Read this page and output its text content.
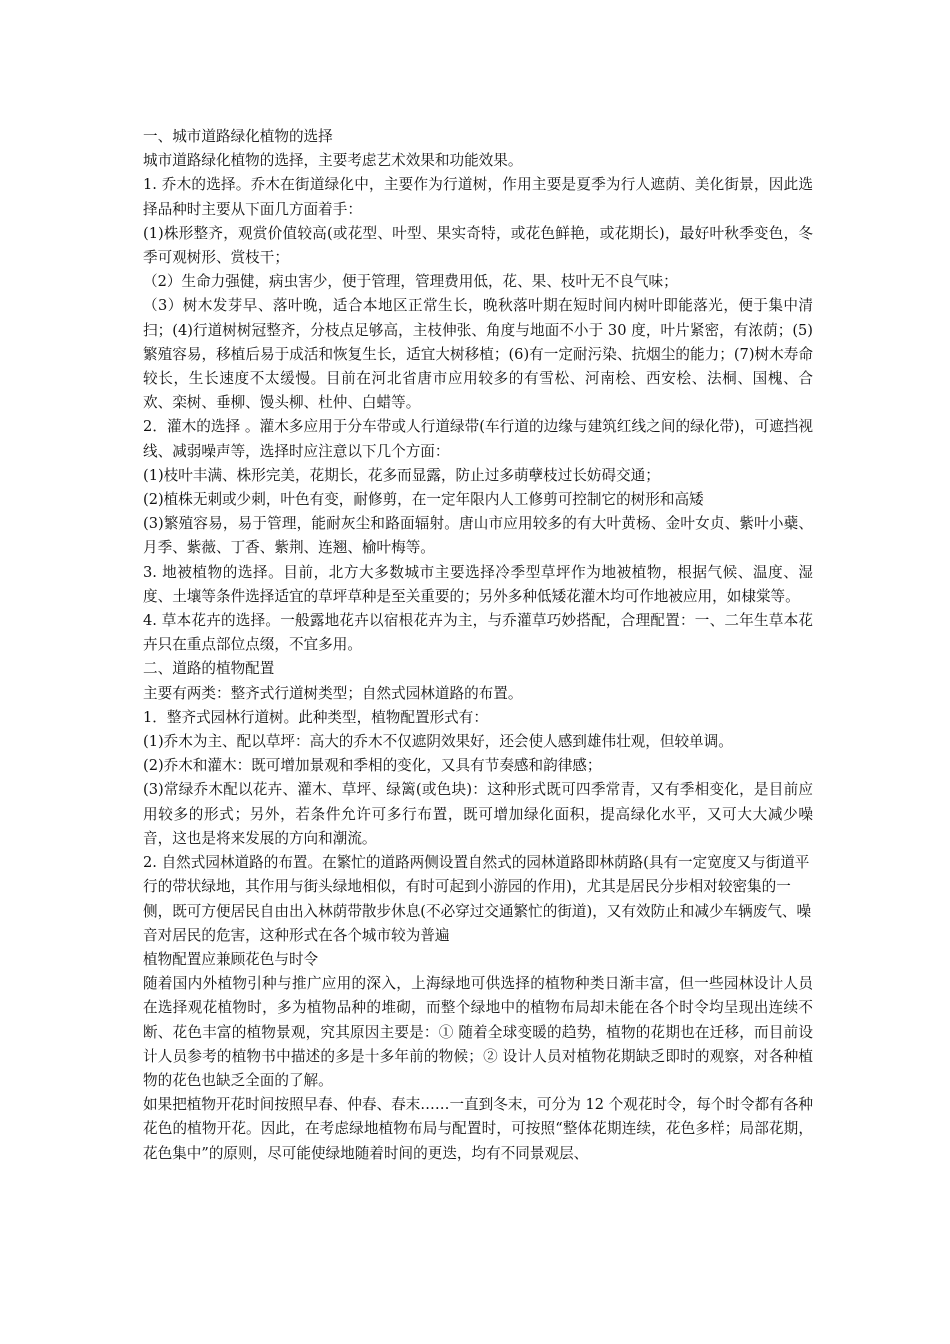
一、城市道路绿化植物的选择

城市道路绿化植物的选择，主要考虑艺术效果和功能效果。

1. 乔木的选择。乔木在街道绿化中，主要作为行道树，作用主要是夏季为行人遮荫、美化街景，因此选择品种时主要从下面几方面着手：

(1)株形整齐，观赏价值较高(或花型、叶型、果实奇特，或花色鲜艳，或花期长)，最好叶秋季变色，冬季可观树形、赏枝干；

（2）生命力强健，病虫害少，便于管理，管理费用低，花、果、枝叶无不良气味；

（3）树木发芽早、落叶晚，适合本地区正常生长，晚秋落叶期在短时间内树叶即能落光，便于集中清扫；(4)行道树树冠整齐，分枝点足够高，主枝伸张、角度与地面不小于 30 度，叶片紧密，有浓荫；(5)繁殖容易，移植后易于成活和恢复生长，适宜大树移植；(6)有一定耐污染、抗烟尘的能力；(7)树木寿命较长，生长速度不太缓慢。目前在河北省唐市应用较多的有雪松、河南桧、西安桧、法桐、国槐、合欢、栾树、垂柳、馒头柳、杜仲、白蜡等。

2．灌木的选择 。灌木多应用于分车带或人行道绿带(车行道的边缘与建筑红线之间的绿化带)，可遮挡视线、减弱噪声等，选择时应注意以下几个方面：

(1)枝叶丰满、株形完美，花期长，花多而显露，防止过多萌孽枝过长妨碍交通；

(2)植株无刺或少刺，叶色有变，耐修剪，在一定年限内人工修剪可控制它的树形和高矮

(3)繁殖容易，易于管理，能耐灰尘和路面辐射。唐山市应用较多的有大叶黄杨、金叶女贞、紫叶小蘗、月季、紫薇、丁香、紫荆、连翘、榆叶梅等。

3. 地被植物的选择。目前，北方大多数城市主要选择冷季型草坪作为地被植物，根据气候、温度、湿度、土壤等条件选择适宜的草坪草种是至关重要的；另外多种低矮花灌木均可作地被应用，如棣棠等。

4. 草本花卉的选择。一般露地花卉以宿根花卉为主，与乔灌草巧妙搭配，合理配置：一、二年生草本花卉只在重点部位点缀，不宜多用。

二、道路的植物配置

主要有两类：整齐式行道树类型；自然式园林道路的布置。

1．整齐式园林行道树。此种类型，植物配置形式有：

(1)乔木为主、配以草坪：高大的乔木不仅遮阴效果好，还会使人感到雄伟壮观，但较单调。

(2)乔木和灌木：既可增加景观和季相的变化，又具有节奏感和韵律感；

(3)常绿乔木配以花卉、灌木、草坪、绿篱(或色块)：这种形式既可四季常青，又有季相变化，是目前应用较多的形式；另外，若条件允许可多行布置，既可增加绿化面积，提高绿化水平，又可大大减少噪音，这也是将来发展的方向和潮流。

2. 自然式园林道路的布置。在繁忙的道路两侧设置自然式的园林道路即林荫路(具有一定宽度又与街道平行的带状绿地，其作用与街头绿地相似，有时可起到小游园的作用)，尤其是居民分步相对较密集的一侧，既可方便居民自由出入林荫带散步休息(不必穿过交通繁忙的街道)，又有效防止和减少车辆废气、噪音对居民的危害，这种形式在各个城市较为普遍

植物配置应兼顾花色与时令

随着国内外植物引种与推广应用的深入，上海绿地可供选择的植物种类日渐丰富，但一些园林设计人员在选择观花植物时，多为植物品种的堆砌，而整个绿地中的植物布局却未能在各个时令均呈现出连续不断、花色丰富的植物景观，究其原因主要是：① 随着全球变暖的趋势，植物的花期也在迁移，而目前设计人员参考的植物书中描述的多是十多年前的物候；② 设计人员对植物花期缺乏即时的观察，对各种植物的花色也缺乏全面的了解。

如果把植物开花时间按照早春、仲春、春末……一直到冬末，可分为 12 个观花时令，每个时令都有各种花色的植物开花。因此，在考虑绿地植物布局与配置时，可按照“整体花期连续，花色多样；局部花期，花色集中”的原则，尽可能使绿地随着时间的更迭，均有不同景观层、
